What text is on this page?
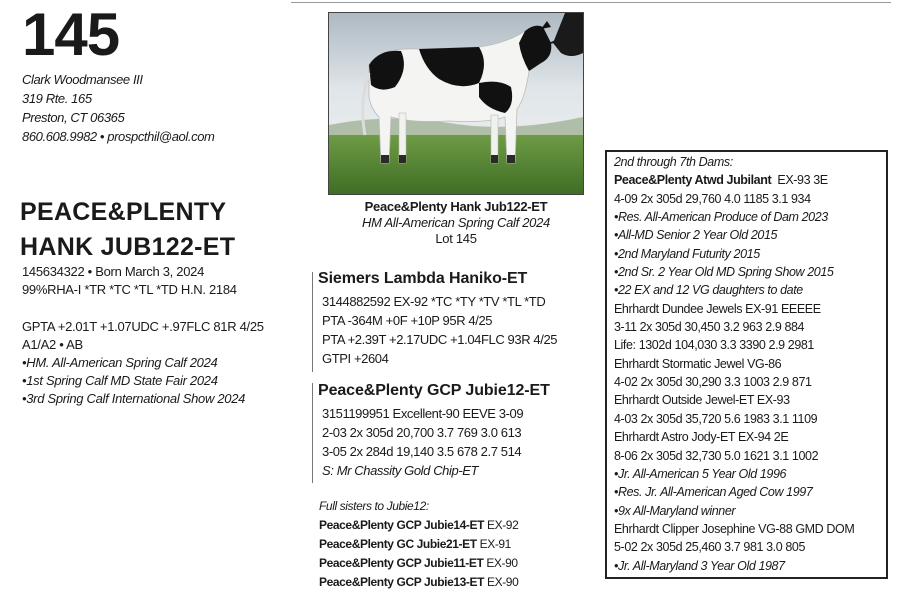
145
Clark Woodmansee III
319 Rte. 165
Preston, CT 06365
860.608.9982 • prospcthil@aol.com
PEACE&PLENTY
HANK JUB122-ET
145634322 • Born March 3, 2024
99%RHA-I *TR *TC *TL *TD H.N. 2184
GPTA +2.01T +1.07UDC +.97FLC 81R 4/25
A1/A2 • AB
•HM. All-American Spring Calf 2024
•1st Spring Calf MD State Fair 2024
•3rd Spring Calf International Show 2024
Peace&Plenty Hank Jub122-ET
HM All-American Spring Calf 2024
Lot 145
Siemers Lambda Haniko-ET
3144882592 EX-92 *TC *TY *TV *TL *TD
PTA -364M +0F +10P 95R 4/25
PTA +2.39T +2.17UDC +1.04FLC 93R 4/25
GTPI +2604
Peace&Plenty GCP Jubie12-ET
3151199951 Excellent-90 EEVE 3-09
2-03 2x 305d 20,700 3.7 769 3.0 613
3-05 2x 284d 19,140 3.5 678 2.7 514
S: Mr Chassity Gold Chip-ET
Full sisters to Jubie12:
Peace&Plenty GCP Jubie14-ET EX-92
Peace&Plenty GC Jubie21-ET EX-91
Peace&Plenty GCP Jubie11-ET EX-90
Peace&Plenty GCP Jubie13-ET EX-90
2nd through 7th Dams:
Peace&Plenty Atwd Jubilant  EX-93 3E
4-09 2x 305d 29,760 4.0 1185 3.1 934
•Res. All-American Produce of Dam 2023
•All-MD Senior 2 Year Old 2015
•2nd Maryland Futurity 2015
•2nd Sr. 2 Year Old MD Spring Show 2015
•22 EX and 12 VG daughters to date
Ehrhardt Dundee Jewels EX-91 EEEEE
3-11 2x 305d 30,450 3.2 963 2.9 884
Life: 1302d 104,030 3.3 3390 2.9 2981
Ehrhardt Stormatic Jewel VG-86
4-02 2x 305d 30,290 3.3 1003 2.9 871
Ehrhardt Outside Jewel-ET EX-93
4-03 2x 305d 35,720 5.6 1983 3.1 1109
Ehrhardt Astro Jody-ET EX-94 2E
8-06 2x 305d 32,730 5.0 1621 3.1 1002
•Jr. All-American 5 Year Old 1996
•Res. Jr. All-American Aged Cow 1997
•9x All-Maryland winner
Ehrhardt Clipper Josephine VG-88 GMD DOM
5-02 2x 305d 25,460 3.7 981 3.0 805
•Jr. All-Maryland 3 Year Old 1987
